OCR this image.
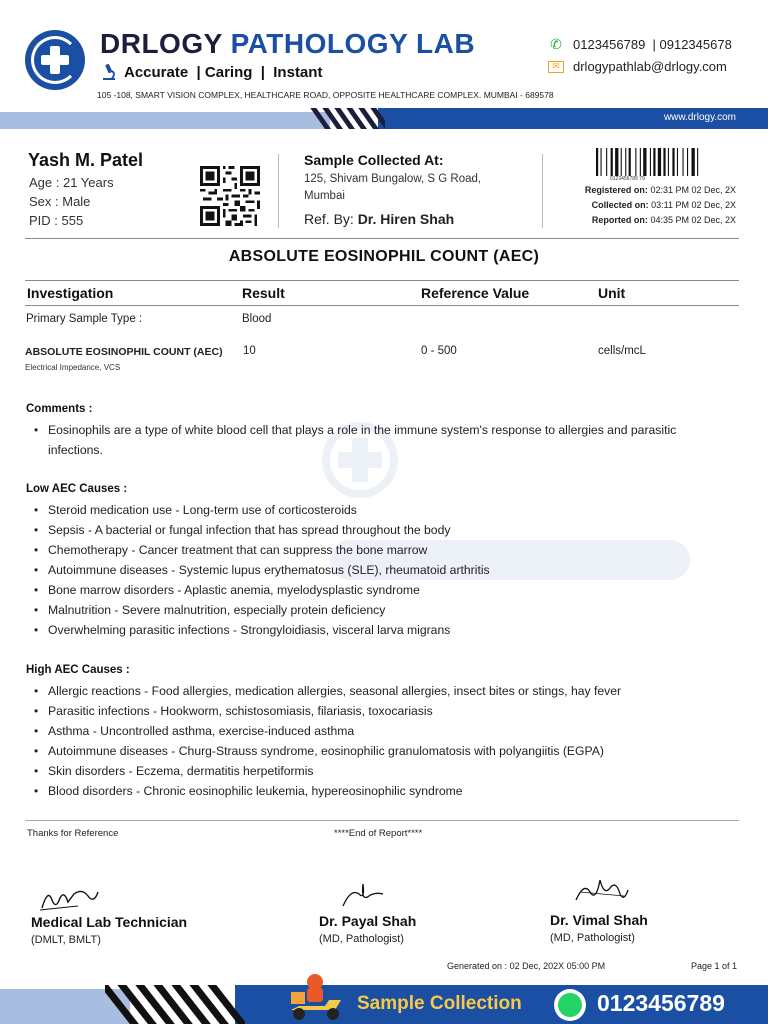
DRLOGY PATHOLOGY LAB
Accurate  | Caring  |  Instant
✆ 0123456789  | 0912345678
✉	drlogypathlab@drlogy.com
105 -108, SMART VISION COMPLEX, HEALTHCARE ROAD, OPPOSITE HEALTHCARE COMPLEX. MUMBAI - 689578
www.drlogy.com
Yash M. Patel
Age : 21 Years
Sex : Male
PID : 555
Sample Collected At:
125, Shivam Bungalow, S G Road, Mumbai
Ref. By: Dr. Hiren Shah
0123456789 79
Registered on: 02:31 PM 02 Dec, 2X
Collected on: 03:11 PM 02 Dec, 2X
Reported on: 04:35 PM 02 Dec, 2X
ABSOLUTE EOSINOPHIL COUNT (AEC)
Investigation	Result	Reference Value	Unit
Primary Sample Type :	Blood
ABSOLUTE EOSINOPHIL COUNT (AEC)
Electrical Impedance, VCS
10	0 - 500	cells/mcL
Comments :
• Eosinophils are a type of white blood cell that plays a role in the immune system's response to allergies and parasitic infections.
Low AEC Causes :
• Steroid medication use - Long-term use of corticosteroids
• Sepsis - A bacterial or fungal infection that has spread throughout the body
• Chemotherapy - Cancer treatment that can suppress the bone marrow
• Autoimmune diseases - Systemic lupus erythematosus (SLE), rheumatoid arthritis
• Bone marrow disorders - Aplastic anemia, myelodysplastic syndrome
• Malnutrition - Severe malnutrition, especially protein deficiency
• Overwhelming parasitic infections - Strongyloidiasis, visceral larva migrans
High AEC Causes :
• Allergic reactions - Food allergies, medication allergies, seasonal allergies, insect bites or stings, hay fever
• Parasitic infections - Hookworm, schistosomiasis, filariasis, toxocariasis
• Asthma - Uncontrolled asthma, exercise-induced asthma
• Autoimmune diseases - Churg-Strauss syndrome, eosinophilic granulomatosis with polyangiitis (EGPA)
• Skin disorders - Eczema, dermatitis herpetiformis
• Blood disorders - Chronic eosinophilic leukemia, hypereosinophilic syndrome
Thanks for Reference	****End of Report****
Medical Lab Technician
(DMLT, BMLT)
Dr. Payal Shah
(MD, Pathologist)
Dr. Vimal Shah
(MD, Pathologist)
Generated on : 02 Dec, 202X 05:00 PM	Page 1 of 1
Sample Collection	0123456789
